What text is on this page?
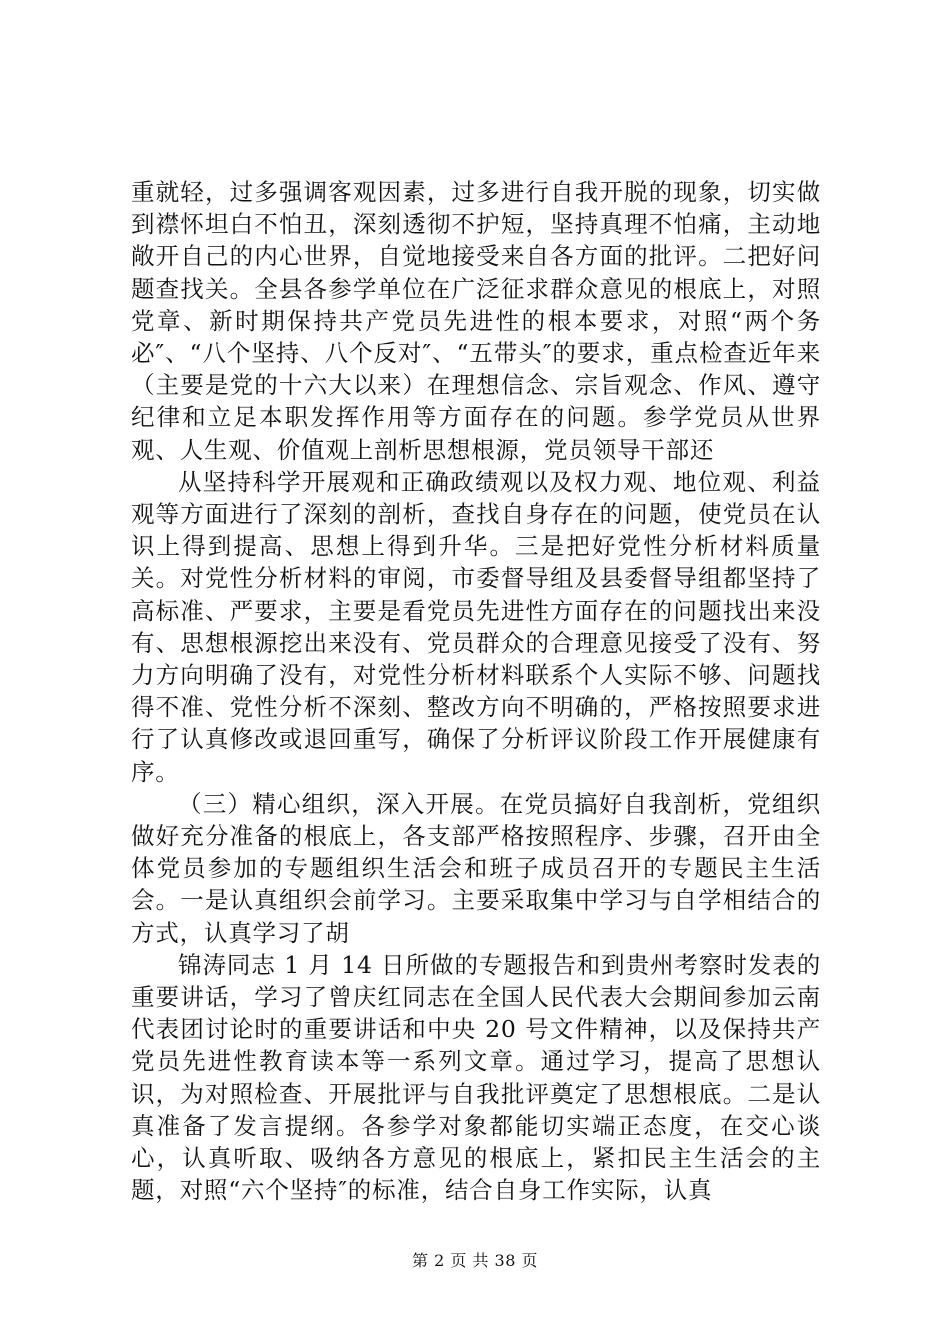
重就轻，过多强调客观因素，过多进行自我开脱的现象，切实做到襟怀坦白不怕丑，深刻透彻不护短，坚持真理不怕痛，主动地敞开自己的内心世界，自觉地接受来自各方面的批评。二把好问题查找关。全县各参学单位在广泛征求群众意见的根底上，对照党章、新时期保持共产党员先进性的根本要求，对照“两个务必″、“八个坚持、八个反对″、“五带头″的要求，重点检查近年来（主要是党的十六大以来）在理想信念、宗旨观念、作风、遵守纪律和立足本职发挥作用等方面存在的问题。参学党员从世界观、人生观、价值观上剖析思想根源，党员领导干部还

从坚持科学开展观和正确政绩观以及权力观、地位观、利益观等方面进行了深刻的剖析，查找自身存在的问题，使党员在认识上得到提高、思想上得到升华。三是把好党性分析材料质量关。对党性分析材料的审阅，市委督导组及县委督导组都坚持了高标准、严要求，主要是看党员先进性方面存在的问题找出来没有、思想根源挖出来没有、党员群众的合理意见接受了没有、努力方向明确了没有，对党性分析材料联系个人实际不够、问题找得不准、党性分析不深刻、整改方向不明确的，严格按照要求进行了认真修改或退回重写，确保了分析评议阶段工作开展健康有序。

（三）精心组织，深入开展。在党员搞好自我剖析，党组织做好充分准备的根底上，各支部严格按照程序、步骤，召开由全体党员参加的专题组织生活会和班子成员召开的专题民主生活会。一是认真组织会前学习。主要采取集中学习与自学相结合的方式，认真学习了胡

锦涛同志 1 月 14 日所做的专题报告和到贵州考察时发表的重要讲话，学习了曾庆红同志在全国人民代表大会期间参加云南代表团讨论时的重要讲话和中央 20 号文件精神，以及保持共产党员先进性教育读本等一系列文章。通过学习，提高了思想认识，为对照检查、开展批评与自我批评奠定了思想根底。二是认真准备了发言提纲。各参学对象都能切实端正态度，在交心谈心，认真听取、吸纳各方意见的根底上，紧扣民主生活会的主题，对照“六个坚持″的标准，结合自身工作实际，认真

第 2 页 共 38 页
